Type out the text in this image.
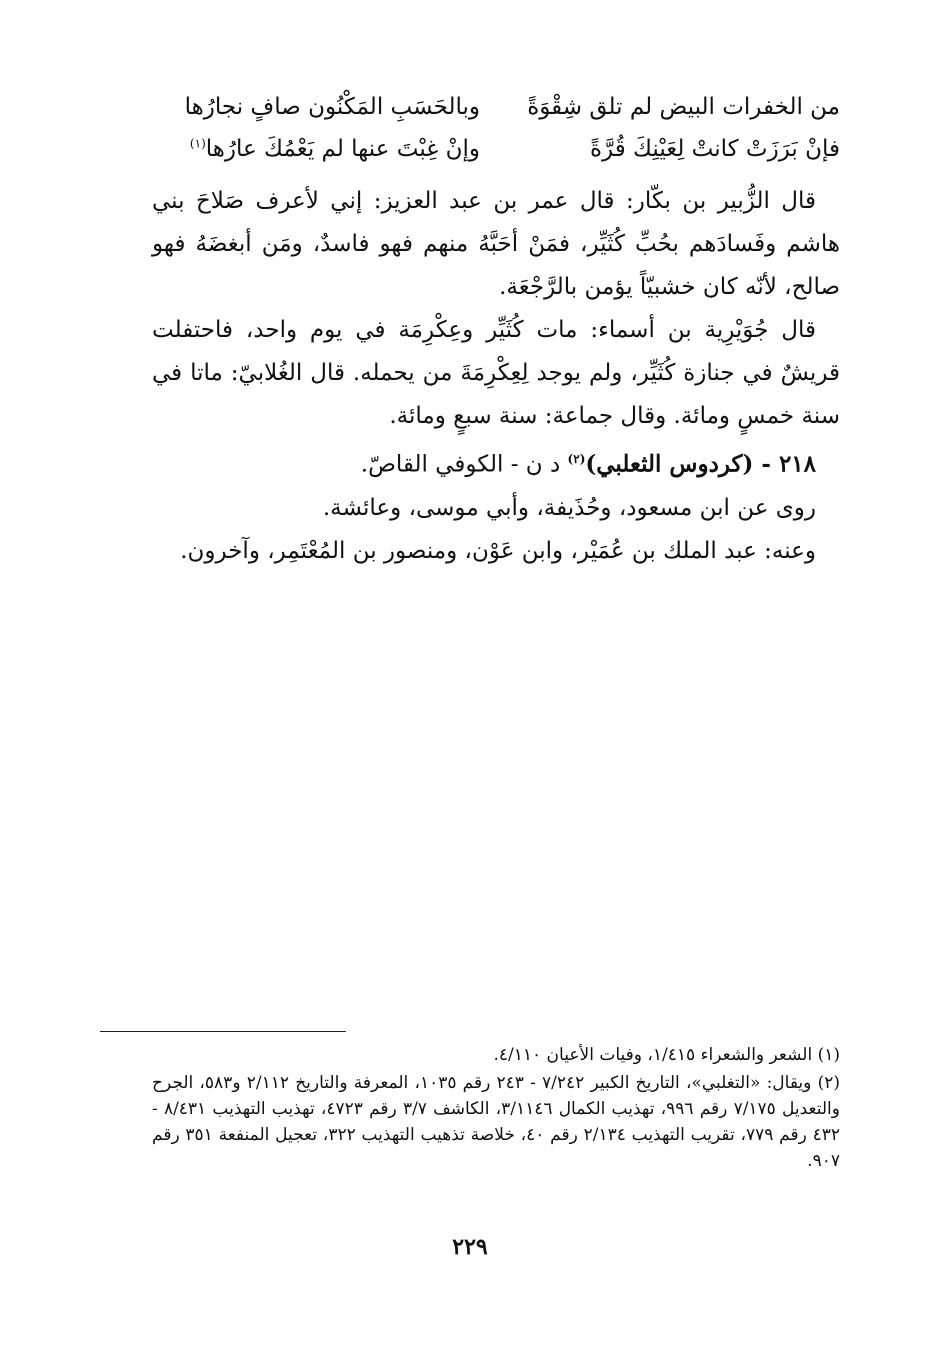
من الخفرات البيض لم تلق شِقْوَةً
وبالحَسَبِ المَكْنُون صافٍ نجارُها
فإنْ بَرَزَتْ كانتْ لِعَيْنِكَ قُرَّةً
وإنْ غِبْتَ عنها لم يَعْمُكَ عارُها$^{(١)}$

قال الزُّبير بن بكّار: قال عمر بن عبد العزيز: إني لأعرف صَلاحَ بني هاشم وفَسادَهم بحُبِّ كُثَيِّر، فمَنْ أحَبَّهُ منهم فهو فاسدٌ، ومَن أبغضَهُ فهو صالح، لأنّه كان خشبيّاً يؤمن بالرَّجْعَة.

قال جُوَيْرِية بن أسماء: مات كُثَيِّر وعِكْرِمَة في يوم واحد، فاحتفلت قريشٌ في جنازة كُثَيِّر، ولم يوجد لِعِكْرِمَةَ من يحمله. قال الغُلابيّ: ماتا في سنة خمسٍ ومائة. وقال جماعة: سنة سبعٍ ومائة.

٢١٨ - (كردوس الثعلبي)$^{(٢)}$ د ن - الكوفي القاصّ.

روى عن ابن مسعود، وحُذَيفة، وأبي موسى، وعائشة.

وعنه: عبد الملك بن عُمَيْر، وابن عَوْن، ومنصور بن المُعْتَمِر، وآخرون.

(١) الشعر والشعراء ١/٤١٥، وفيات الأعيان ٤/١١٠.

(٢) ويقال: «التغلبي»، التاريخ الكبير ٧/٢٤٢ - ٢٤٣ رقم ١٠٣٥، المعرفة والتاريخ ٢/١١٢ و٥٨٣، الجرح والتعديل ٧/١٧٥ رقم ٩٩٦، تهذيب الكمال ٣/١١٤٦، الكاشف ٣/٧ رقم ٤٧٢٣، تهذيب التهذيب ٨/٤٣١ - ٤٣٢ رقم ٧٧٩، تقريب التهذيب ٢/١٣٤ رقم ٤٠، خلاصة تذهيب التهذيب ٣٢٢، تعجيل المنفعة ٣٥١ رقم ٩٠٧.

٢٢٩
